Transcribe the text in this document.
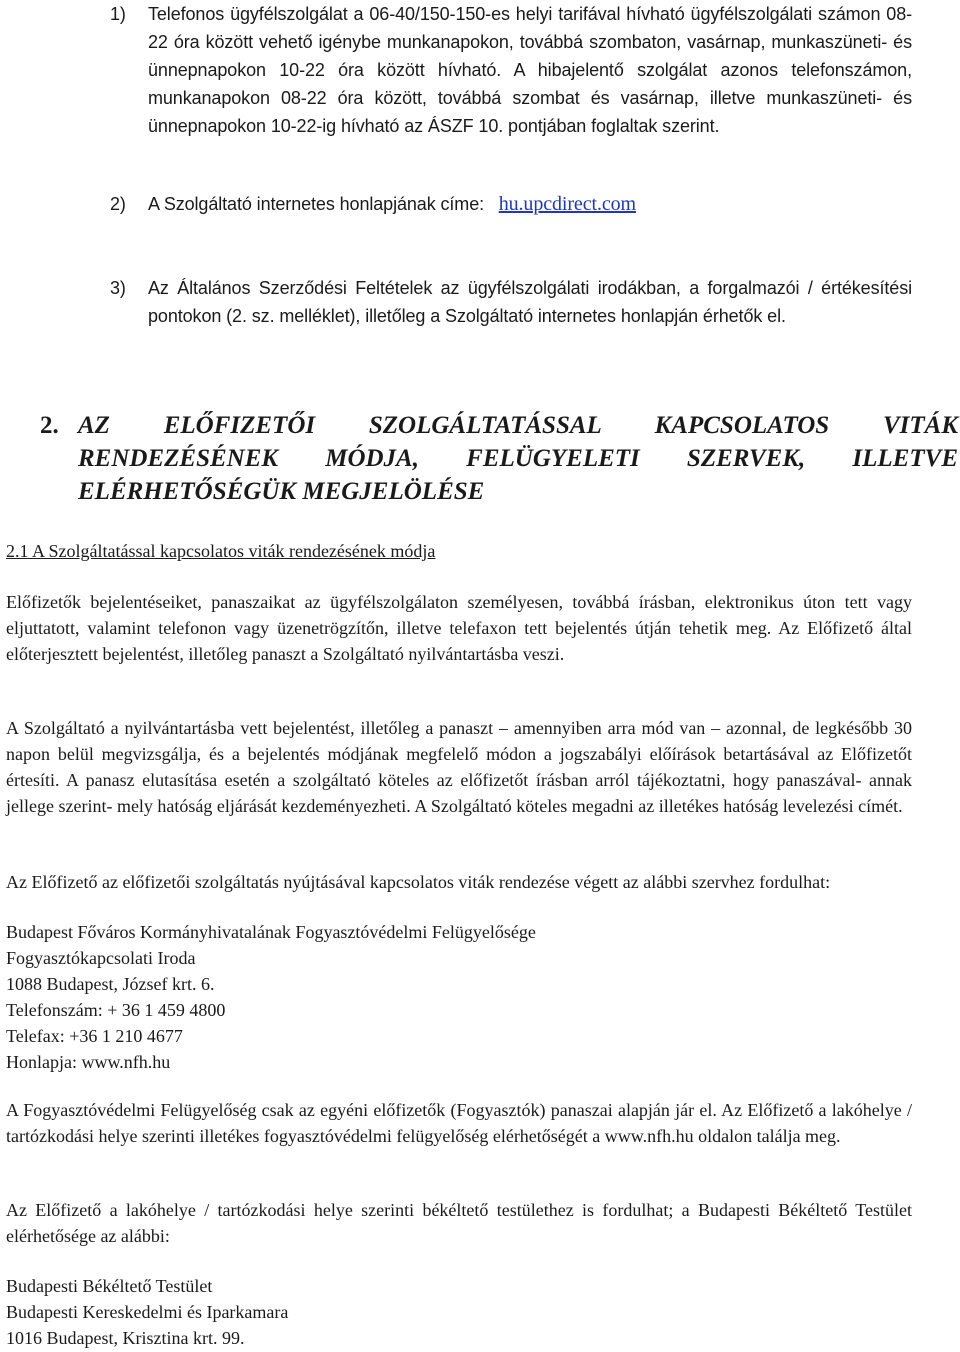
1) Telefonos ügyfélszolgálat a 06-40/150-150-es helyi tarifával hívható ügyfélszolgálati számon 08-22 óra között vehető igénybe munkanapokon, továbbá szombaton, vasárnap, munkaszüneti- és ünnepnapokon 10-22 óra között hívható. A hibajelentő szolgálat azonos telefonszámon, munkanapokon 08-22 óra között, továbbá szombat és vasárnap, illetve munkaszüneti- és ünnepnapokon 10-22-ig hívható az ÁSZF 10. pontjában foglaltak szerint.
2) A Szolgáltató internetes honlapjának címe: hu.upcdirect.com
3) Az Általános Szerződési Feltételek az ügyfélszolgálati irodákban, a forgalmazói / értékesítési pontokon (2. sz. melléklet), illetőleg a Szolgáltató internetes honlapján érhetők el.
2. AZ ELŐFIZETŐI SZOLGÁLTATÁSSAL KAPCSOLATOS VITÁK
RENDEZÉSÉNEK MÓDJA, FELÜGYELETI SZERVEK, ILLETVE
ELÉRHETŐSÉGÜK MEGJELÖLÉSE
2.1 A Szolgáltatással kapcsolatos viták rendezésének módja
Előfizetők bejelentéseiket, panaszaikat az ügyfélszolgálaton személyesen, továbbá írásban, elektronikus úton tett vagy eljuttatott, valamint telefonon vagy üzenetrögzítőn, illetve telefaxon tett bejelentés útján tehetik meg. Az Előfizető által előterjesztett bejelentést, illetőleg panaszt a Szolgáltató nyilvántartásba veszi.
A Szolgáltató a nyilvántartásba vett bejelentést, illetőleg a panaszt – amennyiben arra mód van – azonnal, de legkésőbb 30 napon belül megvizsgálja, és a bejelentés módjának megfelelő módon a jogszabályi előírások betartásával az Előfizetőt értesíti. A panasz elutasítása esetén a szolgáltató köteles az előfizetőt írásban arról tájékoztatni, hogy panaszával- annak jellege szerint- mely hatóság eljárását kezdeményezheti. A Szolgáltató köteles megadni az illetékes hatóság levelezési címét.
Az Előfizető az előfizetői szolgáltatás nyújtásával kapcsolatos viták rendezése végett az alábbi szervhez fordulhat:
Budapest Főváros Kormányhivatalának Fogyasztóvédelmi Felügyelősége
Fogyasztókapcsolati Iroda
1088 Budapest, József krt. 6.
Telefonszám: + 36 1 459 4800
Telefax: +36 1 210 4677
Honlapja: www.nfh.hu
A Fogyasztóvédelmi Felügyelőség csak az egyéni előfizetők (Fogyasztók) panaszai alapján jár el. Az Előfizető a lakóhelye / tartózkodási helye szerinti illetékes fogyasztóvédelmi felügyelőség elérhetőségét a www.nfh.hu oldalon találja meg.
Az Előfizető a lakóhelye / tartózkodási helye szerinti békéltető testülethez is fordulhat; a Budapesti Békéltető Testület elérhetősége az alábbi:
Budapesti Békéltető Testület
Budapesti Kereskedelmi és Iparkamara
1016 Budapest, Krisztina krt. 99.
